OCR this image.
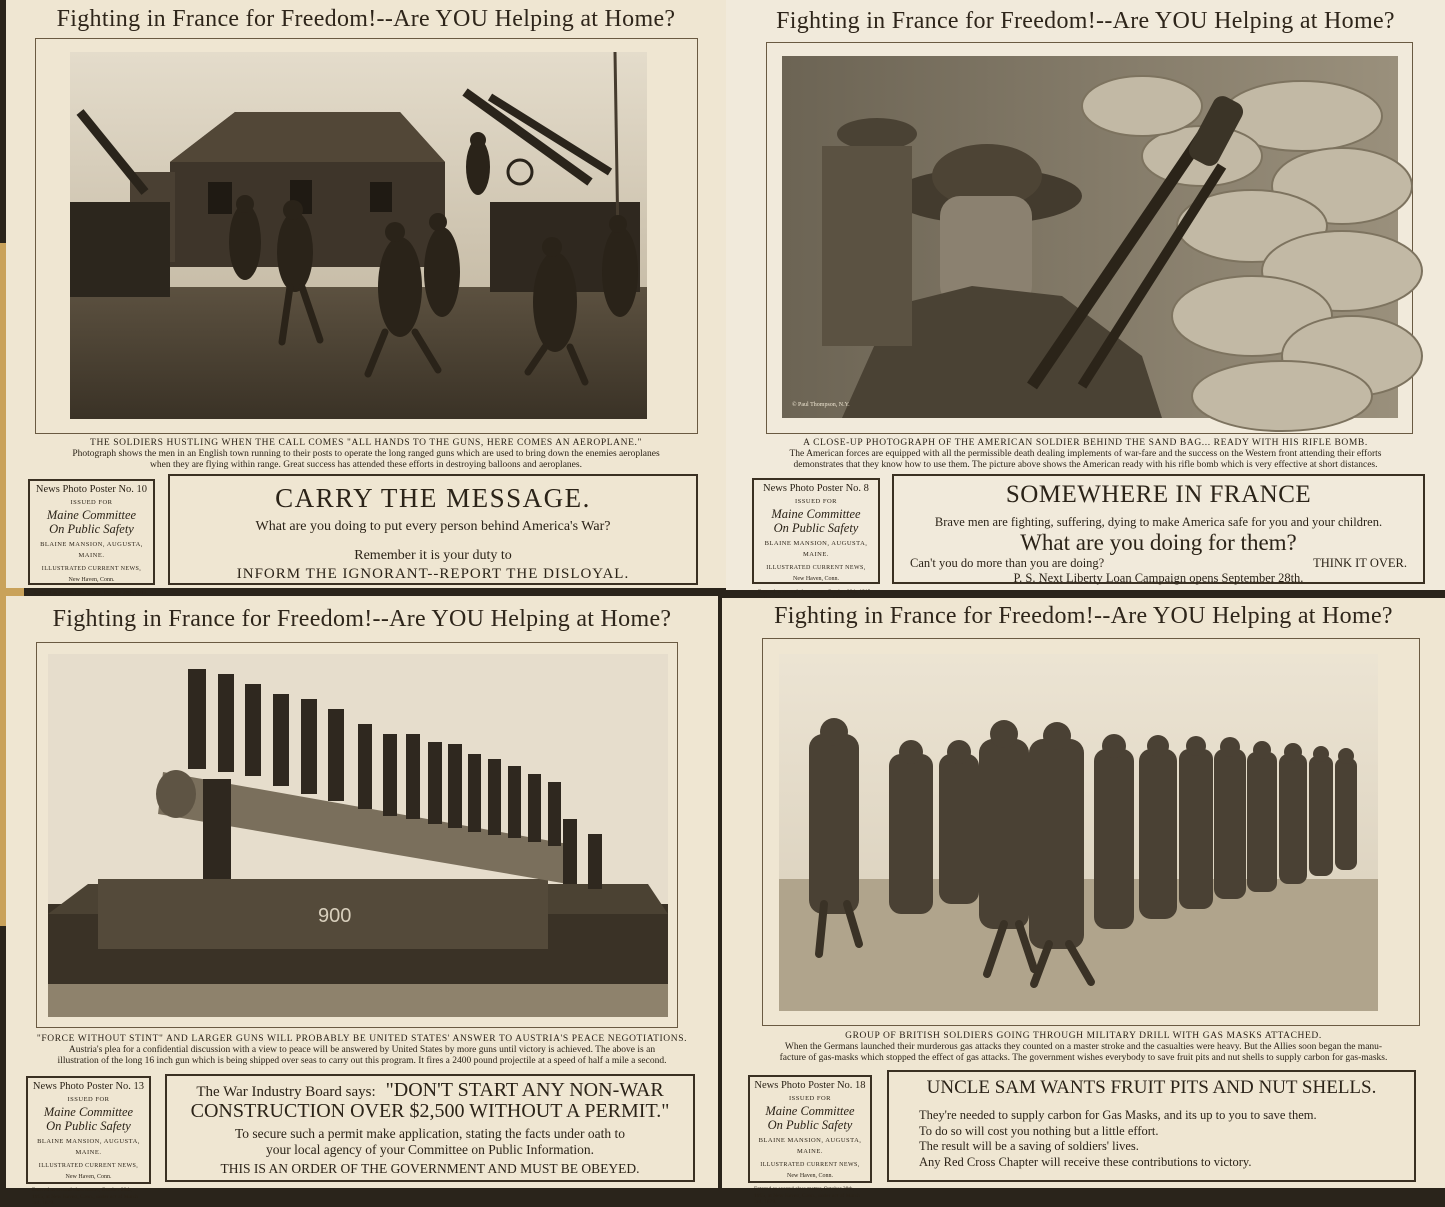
Fighting in France for Freedom!--Are YOU Helping at Home?
THE SOLDIERS HUSTLING WHEN THE CALL COMES "ALL HANDS TO THE GUNS, HERE COMES AN AEROPLANE."
Photograph shows the men in an English town running to their posts to operate the long ranged guns which are used to bring down the enemies aeroplanes
when they are flying within range. Great success has attended these efforts in destroying balloons and aeroplanes.
News Photo Poster No. 10
ISSUED FOR
Maine Committee
On Public Safety
BLAINE MANSION, AUGUSTA, MAINE.
ILLUSTRATED CURRENT NEWS,
New Haven, Conn.
Entered as second class matter, October 28th, 1915,
CARRY THE MESSAGE.
What are you doing to put every person behind America's War?
Remember it is your duty to
INFORM THE IGNORANT--REPORT THE DISLOYAL.
Fighting in France for Freedom!--Are YOU Helping at Home?
© Paul Thompson, N.Y.
A CLOSE-UP PHOTOGRAPH OF THE AMERICAN SOLDIER BEHIND THE SAND BAG... READY WITH HIS RIFLE BOMB.
The American forces are equipped with all the permissible death dealing implements of war-fare and the success on the Western front attending their efforts
demonstrates that they know how to use them. The picture above shows the American ready with his rifle bomb which is very effective at short distances.
News Photo Poster No. 8
ISSUED FOR
Maine Committee
On Public Safety
BLAINE MANSION, AUGUSTA, MAINE.
ILLUSTRATED CURRENT NEWS,
New Haven, Conn.
Entered as second class matter, October 28th, 1915,
SOMEWHERE IN FRANCE
Brave men are fighting, suffering, dying to make America safe for you and your children.
What are you doing for them?
Can't you do more than you are doing?	THINK IT OVER.
P. S. Next Liberty Loan Campaign opens September 28th.
Fighting in France for Freedom!--Are YOU Helping at Home?
900
"FORCE WITHOUT STINT" AND LARGER GUNS WILL PROBABLY BE UNITED STATES' ANSWER TO AUSTRIA'S PEACE NEGOTIATIONS.
Austria's plea for a confidential discussion with a view to peace will be answered by United States by more guns until victory is achieved. The above is an
illustration of the long 16 inch gun which is being shipped over seas to carry out this program. It fires a 2400 pound projectile at a speed of half a mile a second.
News Photo Poster No. 13
ISSUED FOR
Maine Committee
On Public Safety
BLAINE MANSION, AUGUSTA, MAINE.
ILLUSTRATED CURRENT NEWS,
New Haven, Conn.
Entered as second class matter, October 28th, 1915, at New Haven, Conn., under act of March 3rd, 1879.
The War Industry Board says: "DON'T START ANY NON-WAR
CONSTRUCTION OVER $2,500 WITHOUT A PERMIT."
To secure such a permit make application, stating the facts under oath to
your local agency of your Committee on Public Information.
THIS IS AN ORDER OF THE GOVERNMENT AND MUST BE OBEYED.
Fighting in France for Freedom!--Are YOU Helping at Home?
GROUP OF BRITISH SOLDIERS GOING THROUGH MILITARY DRILL WITH GAS MASKS ATTACHED.
When the Germans launched their murderous gas attacks they counted on a master stroke and the casualties were heavy. But the Allies soon began the manu-
facture of gas-masks which stopped the effect of gas attacks. The government wishes everybody to save fruit pits and nut shells to supply carbon for gas-masks.
News Photo Poster No. 18
ISSUED FOR
Maine Committee
On Public Safety
BLAINE MANSION, AUGUSTA, MAINE.
ILLUSTRATED CURRENT NEWS,
New Haven, Conn.
Entered as second class matter, October 28th, 1915, at New Haven, Conn., under act of March 3rd, 1879.
UNCLE SAM WANTS FRUIT PITS AND NUT SHELLS.
They're needed to supply carbon for Gas Masks, and its up to you to save them.
To do so will cost you nothing but a little effort.
The result will be a saving of soldiers' lives.
Any Red Cross Chapter will receive these contributions to victory.
